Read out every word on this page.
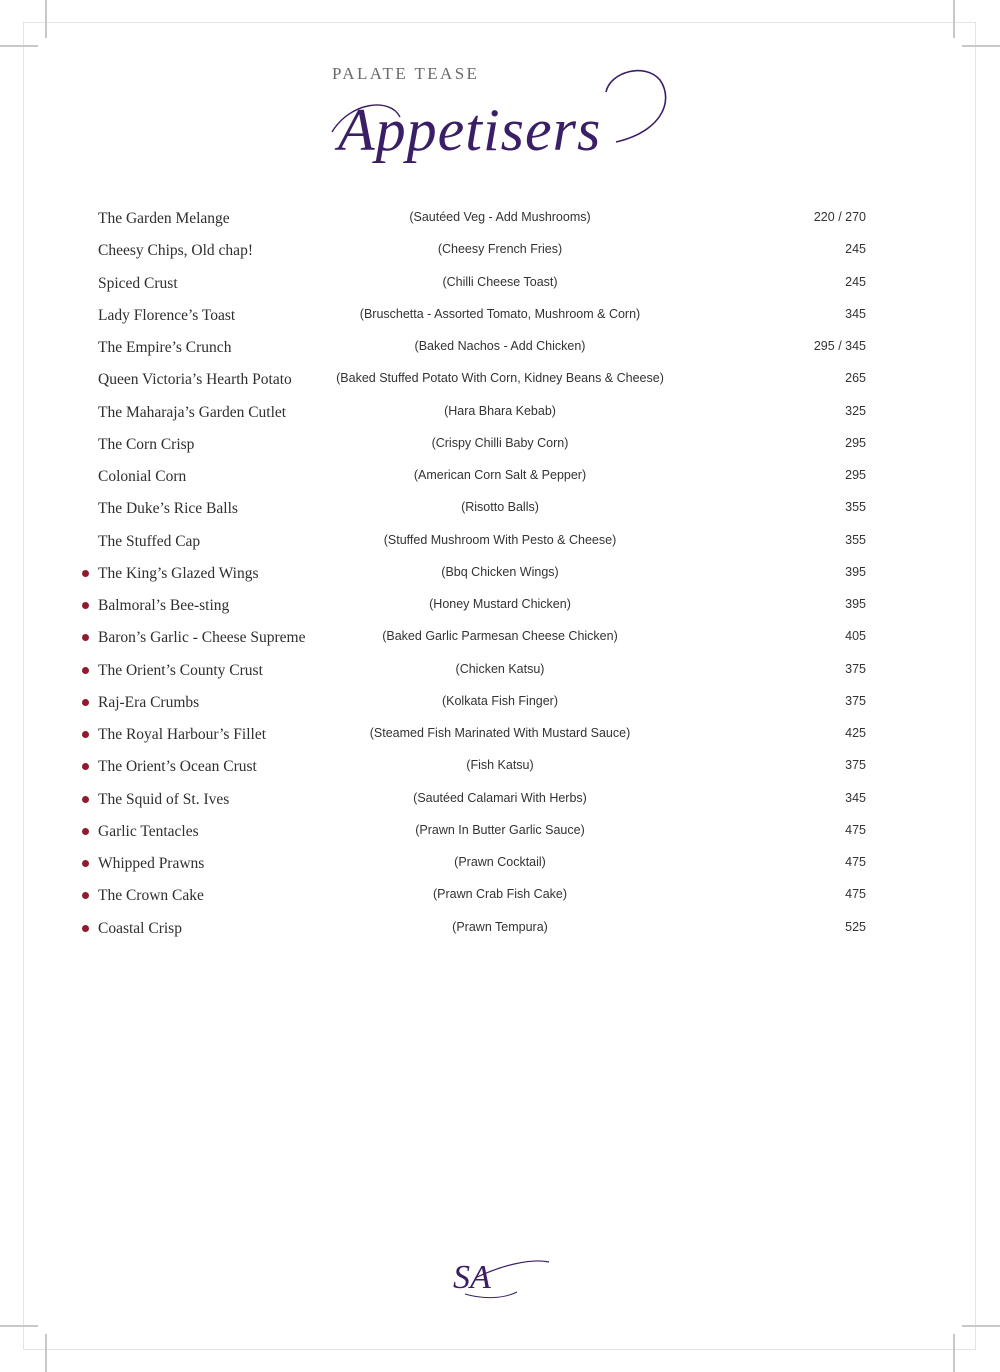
PALATE TEASE
Appetisers
The Garden Melange	(Sautéed Veg - Add Mushrooms)	220 / 270
Cheesy Chips, Old chap!	(Cheesy French Fries)	245
Spiced Crust	(Chilli Cheese Toast)	245
Lady Florence’s Toast	(Bruschetta - Assorted Tomato, Mushroom & Corn)	345
The Empire’s Crunch	(Baked Nachos - Add Chicken)	295 / 345
Queen Victoria’s Hearth Potato	(Baked Stuffed Potato With Corn, Kidney Beans & Cheese)	265
The Maharaja’s Garden Cutlet	(Hara Bhara Kebab)	325
The Corn Crisp	(Crispy Chilli Baby Corn)	295
Colonial Corn	(American Corn Salt & Pepper)	295
The Duke’s Rice Balls	(Risotto Balls)	355
The Stuffed Cap	(Stuffed Mushroom With Pesto & Cheese)	355
The King’s Glazed Wings	(Bbq Chicken Wings)	395
Balmoral’s Bee-sting	(Honey Mustard Chicken)	395
Baron’s Garlic - Cheese Supreme	(Baked Garlic Parmesan Cheese Chicken)	405
The Orient’s County Crust	(Chicken Katsu)	375
Raj-Era Crumbs	(Kolkata Fish Finger)	375
The Royal Harbour’s Fillet	(Steamed Fish Marinated With Mustard Sauce)	425
The Orient’s Ocean Crust	(Fish Katsu)	375
The Squid of St. Ives	(Sautéed Calamari With Herbs)	345
Garlic Tentacles	(Prawn In Butter Garlic Sauce)	475
Whipped Prawns	(Prawn Cocktail)	475
The Crown Cake	(Prawn Crab Fish Cake)	475
Coastal Crisp	(Prawn Tempura)	525
SA
